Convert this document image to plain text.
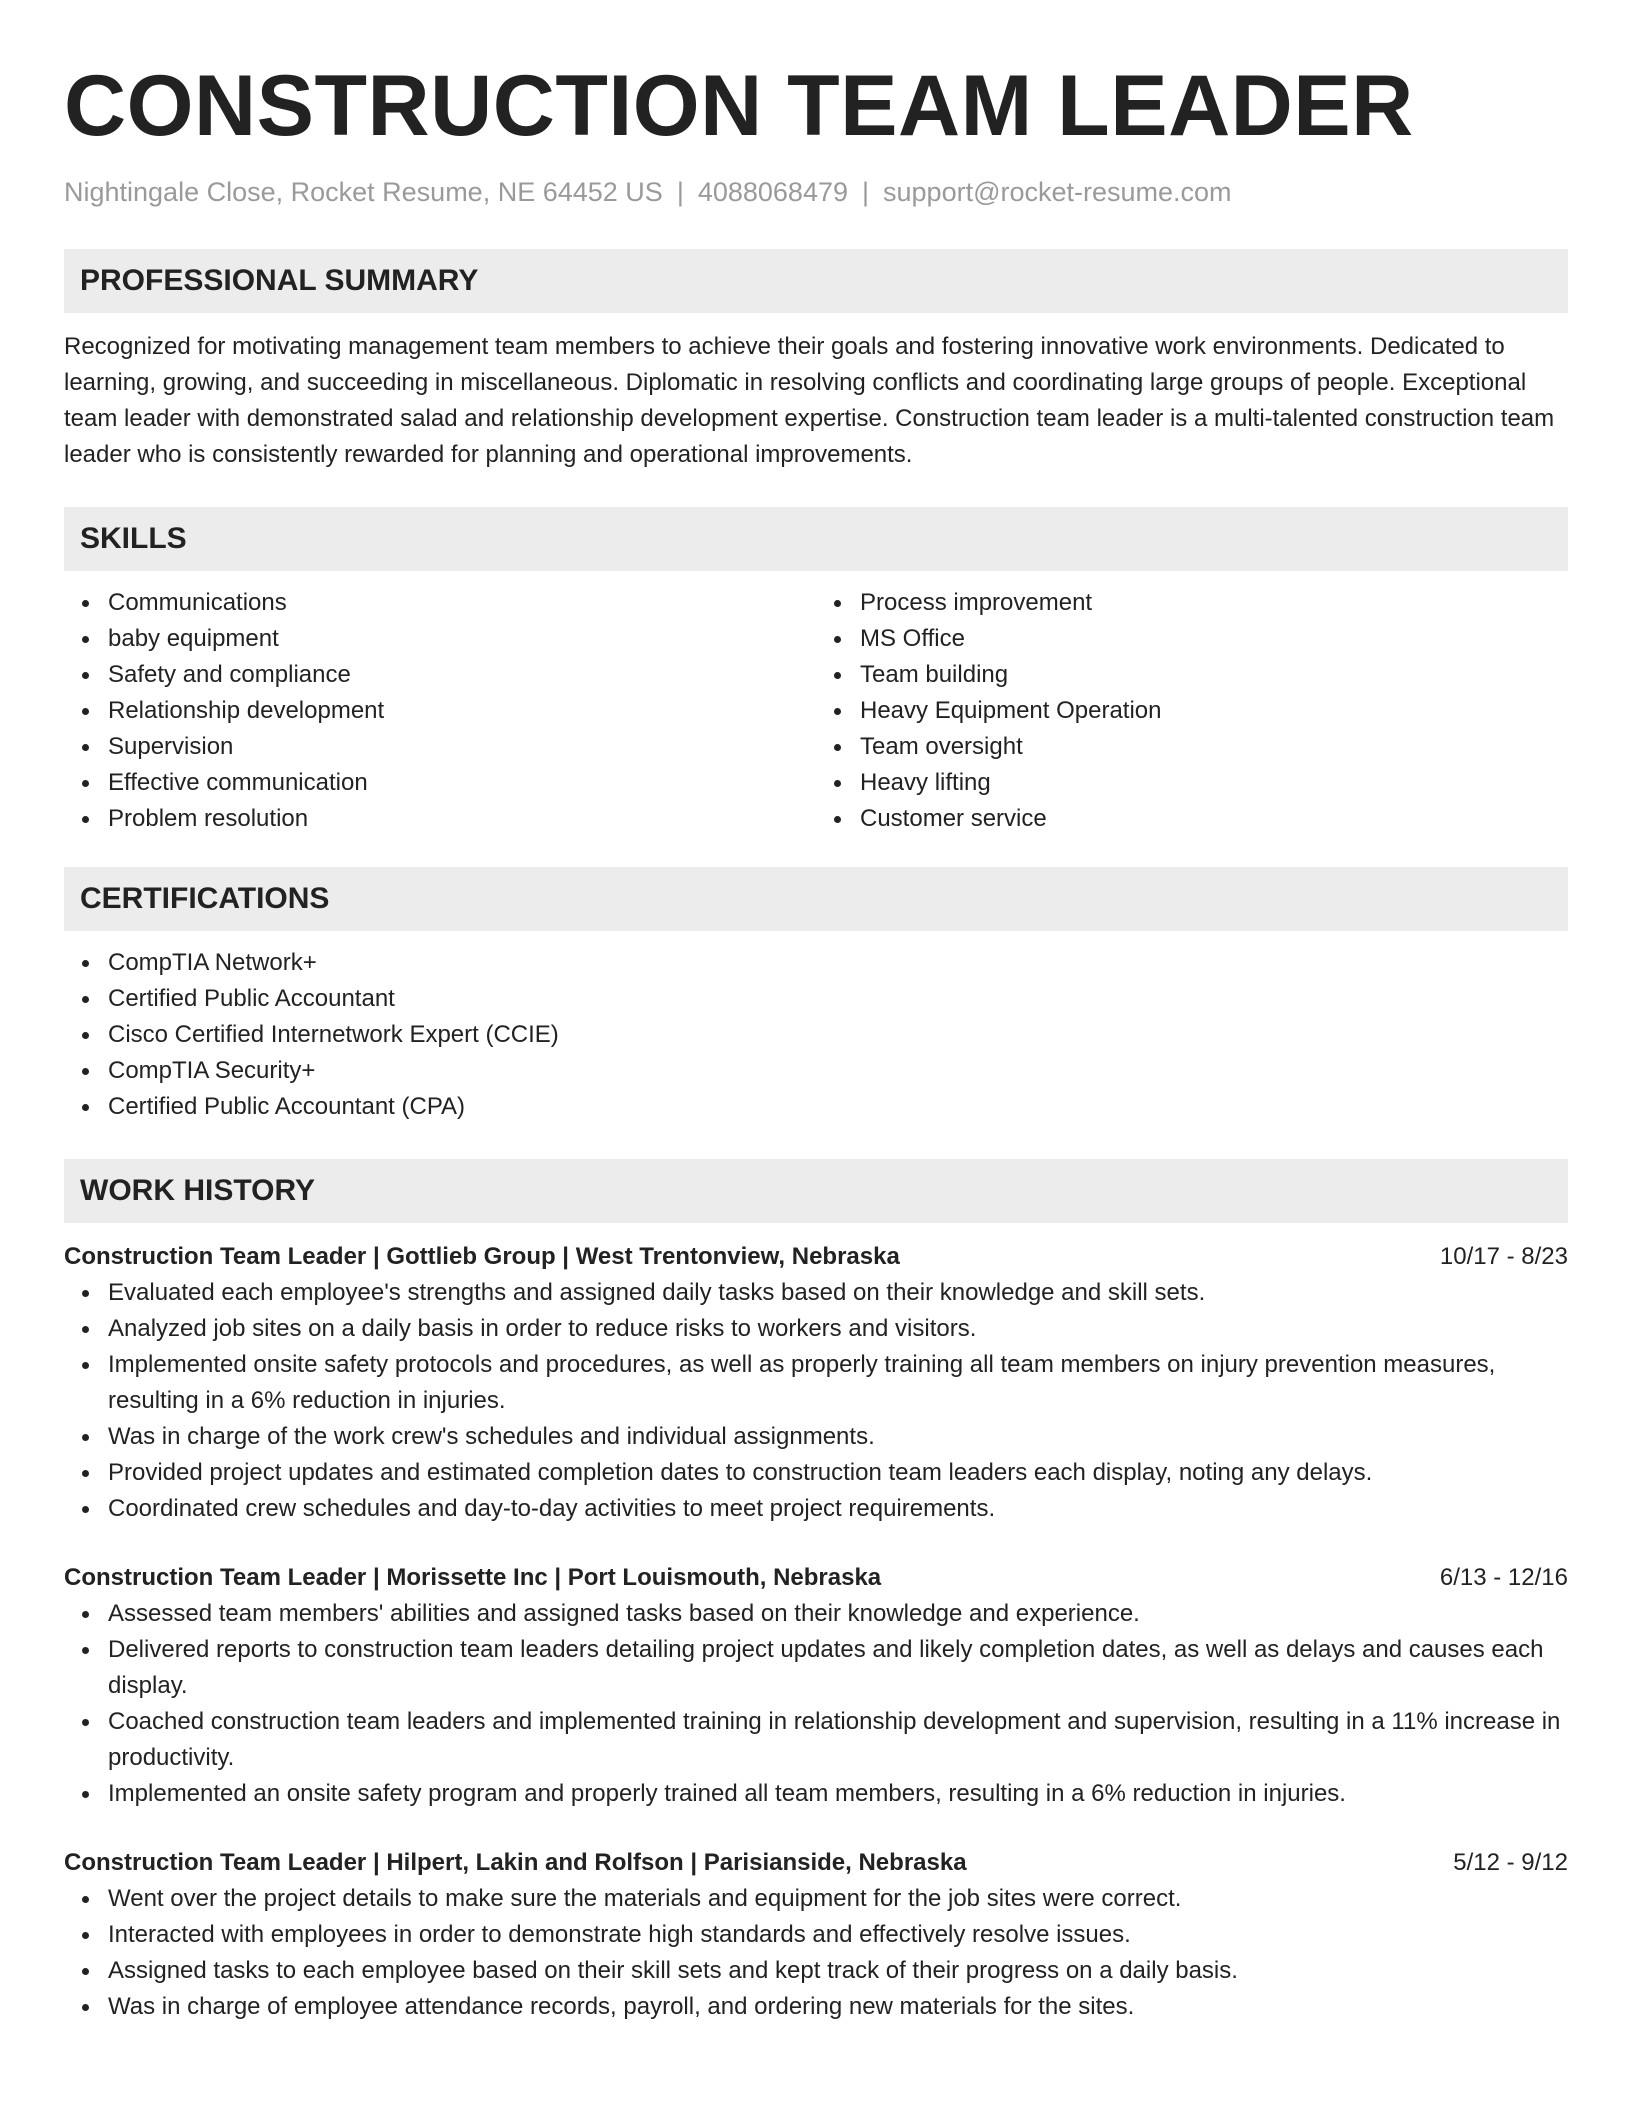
CONSTRUCTION TEAM LEADER
Nightingale Close, Rocket Resume, NE 64452 US | 4088068479 | support@rocket-resume.com
PROFESSIONAL SUMMARY
Recognized for motivating management team members to achieve their goals and fostering innovative work environments. Dedicated to learning, growing, and succeeding in miscellaneous. Diplomatic in resolving conflicts and coordinating large groups of people. Exceptional team leader with demonstrated salad and relationship development expertise. Construction team leader is a multi-talented construction team leader who is consistently rewarded for planning and operational improvements.
SKILLS
Communications
baby equipment
Safety and compliance
Relationship development
Supervision
Effective communication
Problem resolution
Process improvement
MS Office
Team building
Heavy Equipment Operation
Team oversight
Heavy lifting
Customer service
CERTIFICATIONS
CompTIA Network+
Certified Public Accountant
Cisco Certified Internetwork Expert (CCIE)
CompTIA Security+
Certified Public Accountant (CPA)
WORK HISTORY
Construction Team Leader | Gottlieb Group | West Trentonview, Nebraska	10/17 - 8/23
Evaluated each employee's strengths and assigned daily tasks based on their knowledge and skill sets.
Analyzed job sites on a daily basis in order to reduce risks to workers and visitors.
Implemented onsite safety protocols and procedures, as well as properly training all team members on injury prevention measures, resulting in a 6% reduction in injuries.
Was in charge of the work crew's schedules and individual assignments.
Provided project updates and estimated completion dates to construction team leaders each display, noting any delays.
Coordinated crew schedules and day-to-day activities to meet project requirements.
Construction Team Leader | Morissette Inc | Port Louismouth, Nebraska	6/13 - 12/16
Assessed team members' abilities and assigned tasks based on their knowledge and experience.
Delivered reports to construction team leaders detailing project updates and likely completion dates, as well as delays and causes each display.
Coached construction team leaders and implemented training in relationship development and supervision, resulting in a 11% increase in productivity.
Implemented an onsite safety program and properly trained all team members, resulting in a 6% reduction in injuries.
Construction Team Leader | Hilpert, Lakin and Rolfson | Parisianside, Nebraska	5/12 - 9/12
Went over the project details to make sure the materials and equipment for the job sites were correct.
Interacted with employees in order to demonstrate high standards and effectively resolve issues.
Assigned tasks to each employee based on their skill sets and kept track of their progress on a daily basis.
Was in charge of employee attendance records, payroll, and ordering new materials for the sites.
